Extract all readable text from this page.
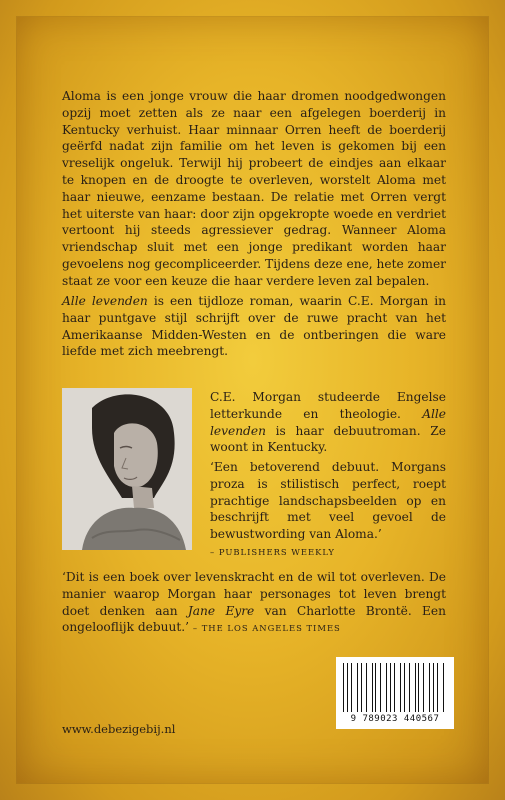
Aloma is een jonge vrouw die haar dromen noodgedwongen opzij moet zetten als ze naar een afgelegen boerderij in Kentucky verhuist. Haar minnaar Orren heeft de boerderij geërfd nadat zijn familie om het leven is gekomen bij een vreselijk ongeluk. Terwijl hij probeert de eindjes aan elkaar te knopen en de droogte te overleven, worstelt Aloma met haar nieuwe, eenzame bestaan. De relatie met Orren vergt het uiterste van haar: door zijn opgekropte woede en verdriet vertoont hij steeds agressiever gedrag. Wanneer Aloma vriendschap sluit met een jonge predikant worden haar gevoelens nog gecompliceerder. Tijdens deze ene, hete zomer staat ze voor een keuze die haar verdere leven zal bepalen.
Alle levenden is een tijdloze roman, waarin C.E. Morgan in haar puntgave stijl schrijft over de ruwe pracht van het Amerikaanse Midden-Westen en de ontberingen die ware liefde met zich meebrengt.
C.E. Morgan studeerde Engelse letterkunde en theologie. Alle levenden is haar debuutroman. Ze woont in Kentucky.
‘Een betoverend debuut. Morgans proza is stilistisch perfect, roept prachtige landschapsbeelden op en beschrijft met veel gevoel de bewustwording van Aloma.’
– PUBLISHERS WEEKLY
‘Dit is een boek over levenskracht en de wil tot overleven. De manier waarop Morgan haar personages tot leven brengt doet denken aan Jane Eyre van Charlotte Brontë. Een ongelooflijk debuut.’ – THE LOS ANGELES TIMES
9 789023 440567
www.debezigebij.nl
